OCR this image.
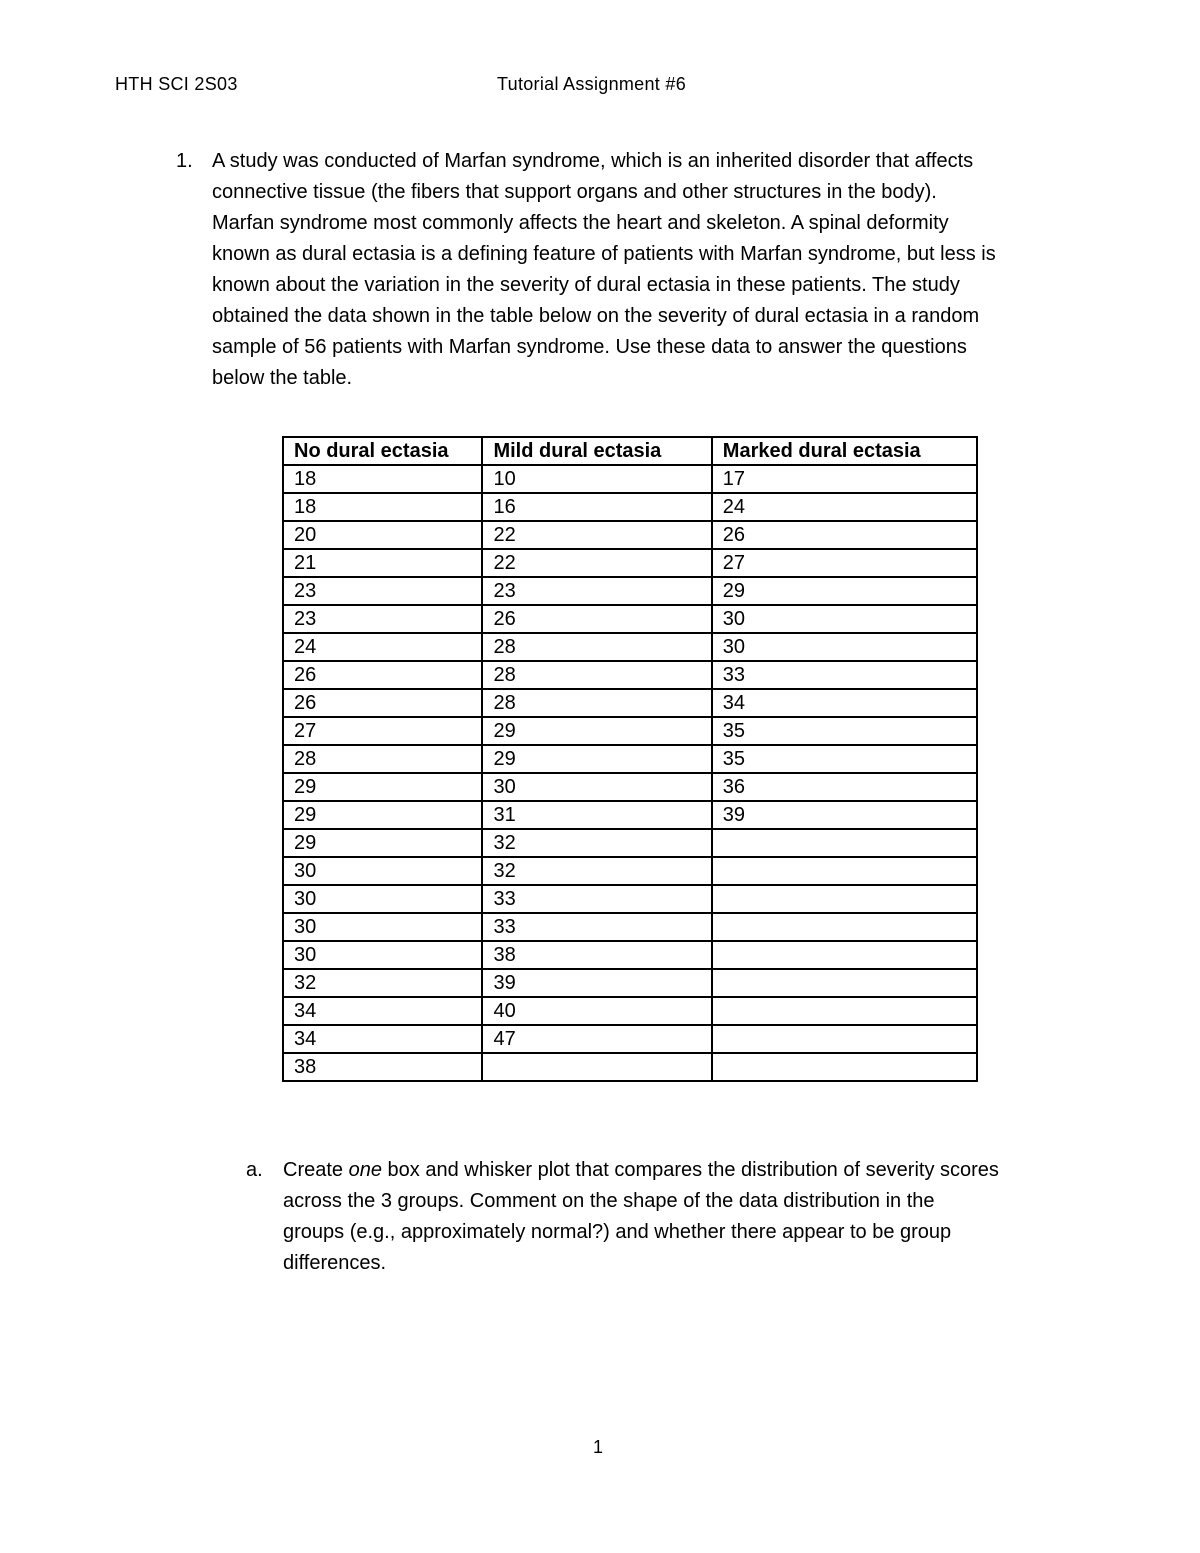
HTH SCI 2S03	Tutorial Assignment #6
1. A study was conducted of Marfan syndrome, which is an inherited disorder that affects
connective tissue (the fibers that support organs and other structures in the body).
Marfan syndrome most commonly affects the heart and skeleton. A spinal deformity
known as dural ectasia is a defining feature of patients with Marfan syndrome, but less is
known about the variation in the severity of dural ectasia in these patients. The study
obtained the data shown in the table below on the severity of dural ectasia in a random
sample of 56 patients with Marfan syndrome. Use these data to answer the questions
below the table.
No dural ectasia	Mild dural ectasia	Marked dural ectasia
18	10	17
18	16	24
20	22	26
21	22	27
23	23	29
23	26	30
24	28	30
26	28	33
26	28	34
27	29	35
28	29	35
29	30	36
29	31	39
29	32	
30	32	
30	33	
30	33	
30	38	
32	39	
34	40	
34	47	
38		
a. Create one box and whisker plot that compares the distribution of severity scores
across the 3 groups. Comment on the shape of the data distribution in the
groups (e.g., approximately normal?) and whether there appear to be group
differences.
1
